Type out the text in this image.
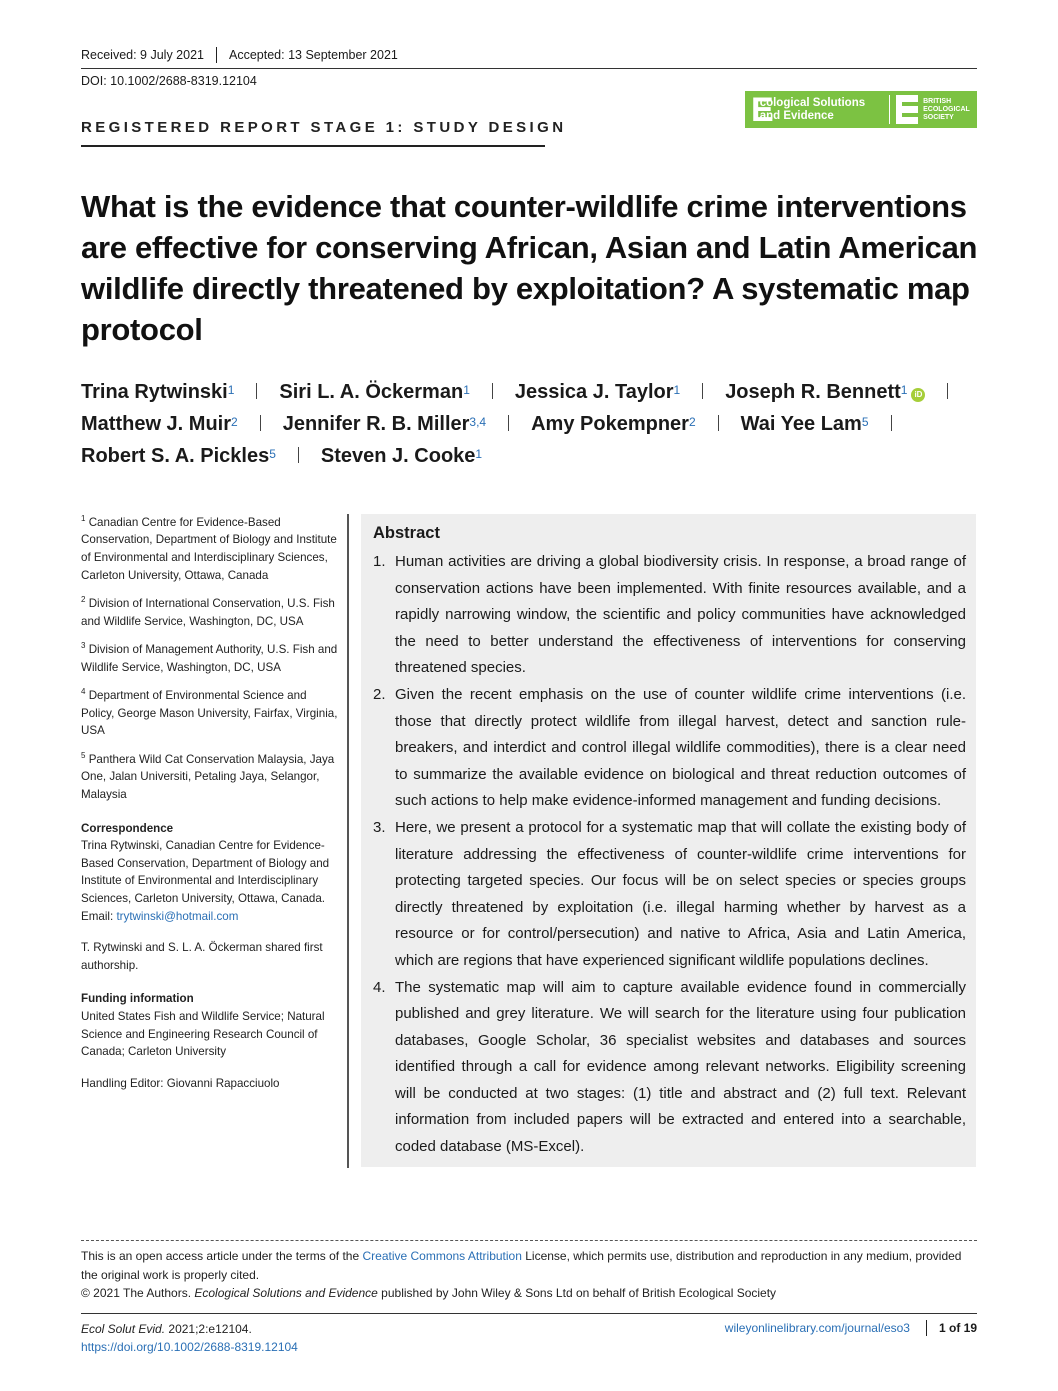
Received: 9 July 2021 Accepted: 13 September 2021
DOI: 10.1002/2688-8319.12104
REGISTERED REPORT STAGE 1: STUDY DESIGN	E
cological Solutions
and Evidence
BRITISH
ECOLOGICAL
SOCIETY
What is the evidence that counter-wildlife crime interventions are effective for conserving African, Asian and Latin American wildlife directly threatened by exploitation? A systematic map protocol
Trina Rytwinski$^1$ Siri L. A. Öckerman$^1$ Jessica J. Taylor$^1$ Joseph R. Bennett$^1$ iD
Matthew J. Muir$^2$ Jennifer R. B. Miller$^{3,4}$ Amy Pokempner$^2$ Wai Yee Lam$^5$
Robert S. A. Pickles$^5$ Steven J. Cooke$^1$

$^1$ Canadian Centre for Evidence-Based Conservation, Department of Biology and Institute of Environmental and Interdisciplinary Sciences, Carleton University, Ottawa, Canada

$^2$ Division of International Conservation, U.S. Fish and Wildlife Service, Washington, DC, USA

$^3$ Division of Management Authority, U.S. Fish and Wildlife Service, Washington, DC, USA

$^4$ Department of Environmental Science and Policy, George Mason University, Fairfax, Virginia, USA

$^5$ Panthera Wild Cat Conservation Malaysia, Jaya One, Jalan Universiti, Petaling Jaya, Selangor, Malaysia

Correspondence
Trina Rytwinski, Canadian Centre for Evidence-Based Conservation, Department of Biology and Institute of Environmental and Interdisciplinary Sciences, Carleton University, Ottawa, Canada.
Email: trytwinski@hotmail.com
T. Rytwinski and S. L. A. Öckerman shared first authorship.
Funding information
United States Fish and Wildlife Service; Natural Science and Engineering Research Council of Canada; Carleton University
Handling Editor: Giovanni Rapacciuolo
Abstract
1. Human activities are driving a global biodiversity crisis. In response, a broad range of conservation actions have been implemented. With finite resources available, and a rapidly narrowing window, the scientific and policy communities have acknowledged the need to better understand the effectiveness of interventions for conserving threatened species.
2. Given the recent emphasis on the use of counter wildlife crime interventions (i.e. those that directly protect wildlife from illegal harvest, detect and sanction rule-breakers, and interdict and control illegal wildlife commodities), there is a clear need to summarize the available evidence on biological and threat reduction outcomes of such actions to help make evidence-informed management and funding decisions.
3. Here, we present a protocol for a systematic map that will collate the existing body of literature addressing the effectiveness of counter-wildlife crime interventions for protecting targeted species. Our focus will be on select species or species groups directly threatened by exploitation (i.e. illegal harming whether by harvest as a resource or for control/persecution) and native to Africa, Asia and Latin America, which are regions that have experienced significant wildlife populations declines.
4. The systematic map will aim to capture available evidence found in commercially published and grey literature. We will search for the literature using four publication databases, Google Scholar, 36 specialist websites and databases and sources identified through a call for evidence among relevant networks. Eligibility screening will be conducted at two stages: (1) title and abstract and (2) full text. Relevant information from included papers will be extracted and entered into a searchable, coded database (MS-Excel).

This is an open access article under the terms of the Creative Commons Attribution License, which permits use, distribution and reproduction in any medium, provided the original work is properly cited.

© 2021 The Authors. Ecological Solutions and Evidence published by John Wiley & Sons Ltd on behalf of British Ecological Society

Ecol Solut Evid. 2021;2:e12104.
https://doi.org/10.1002/2688-8319.12104
wileyonlinelibrary.com/journal/eso3 1 of 19
